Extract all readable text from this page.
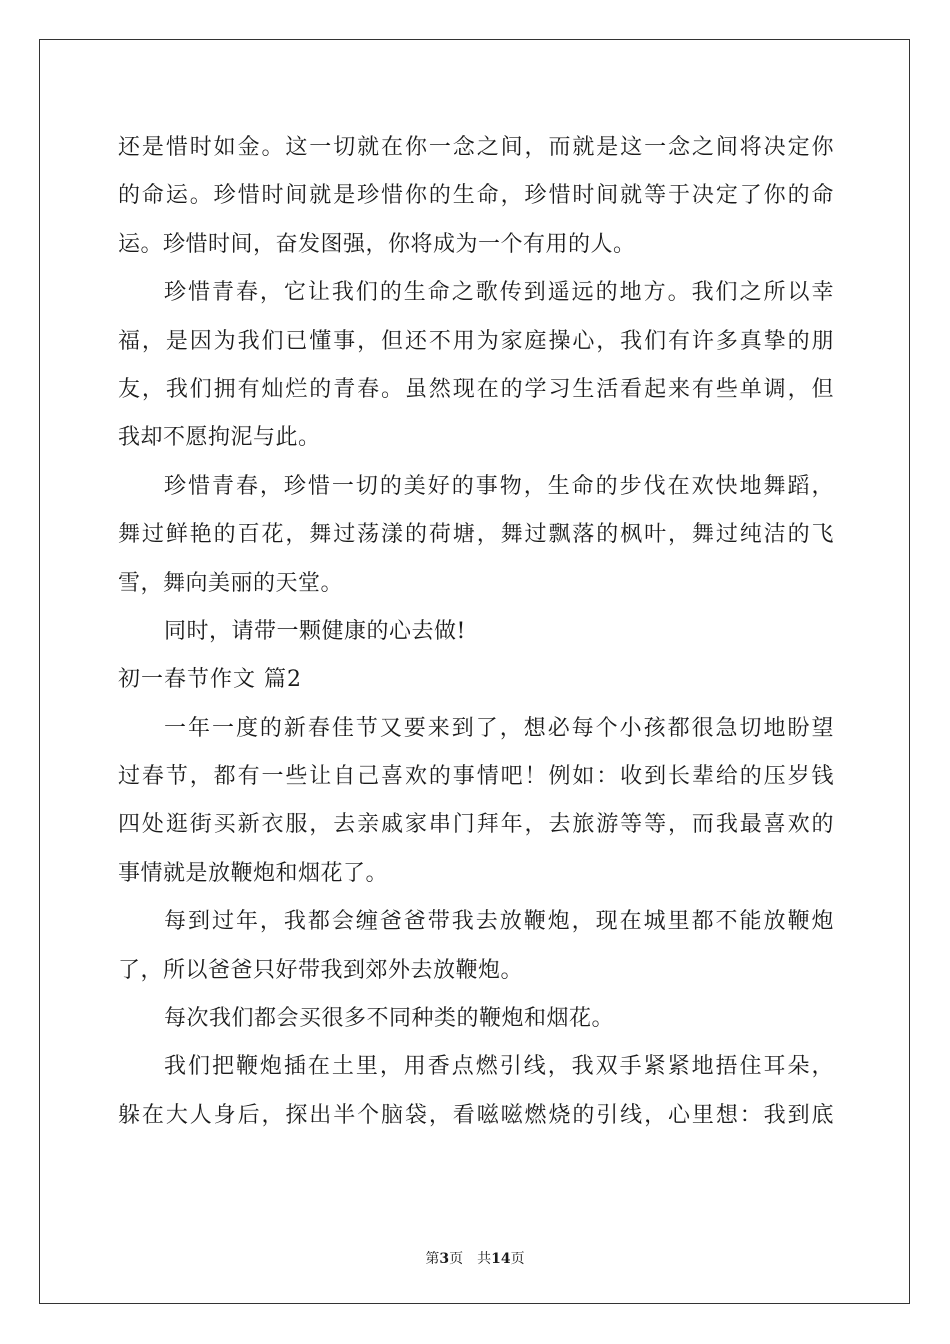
还是惜时如金。这一切就在你一念之间，而就是这一念之间将决定你
的命运。珍惜时间就是珍惜你的生命，珍惜时间就等于决定了你的命
运。珍惜时间，奋发图强，你将成为一个有用的人。
珍惜青春，它让我们的生命之歌传到遥远的地方。我们之所以幸
福，是因为我们已懂事，但还不用为家庭操心，我们有许多真挚的朋
友，我们拥有灿烂的青春。虽然现在的学习生活看起来有些单调，但
我却不愿拘泥与此。
珍惜青春，珍惜一切的美好的事物，生命的步伐在欢快地舞蹈，
舞过鲜艳的百花，舞过荡漾的荷塘，舞过飘落的枫叶，舞过纯洁的飞
雪，舞向美丽的天堂。
同时，请带一颗健康的心去做!
初一春节作文 篇2
一年一度的新春佳节又要来到了，想必每个小孩都很急切地盼望
过春节，都有一些让自己喜欢的事情吧！例如：收到长辈给的压岁钱
四处逛街买新衣服，去亲戚家串门拜年，去旅游等等，而我最喜欢的
事情就是放鞭炮和烟花了。
每到过年，我都会缠爸爸带我去放鞭炮，现在城里都不能放鞭炮
了，所以爸爸只好带我到郊外去放鞭炮。
每次我们都会买很多不同种类的鞭炮和烟花。
我们把鞭炮插在土里，用香点燃引线，我双手紧紧地捂住耳朵，
躲在大人身后，探出半个脑袋，看嗞嗞燃烧的引线，心里想：我到底
第3页 共14页
